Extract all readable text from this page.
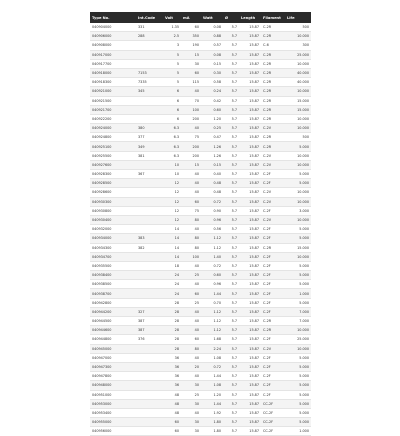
Type No.	Int.Code	Volt	mA	Watt	Ø	Length	Filament	Life
040904000	331	1.35	60	0.08	5.7	15.87	C-2R	500
040906000	288	2.5	350	0.88	5.7	15.87	C-2R	10.000
040908000		3	190	0.57	5.7	15.87	C-6	300
040917000		5	15	0.08	5.7	15.87	C-2R	25.000
040917700		5	30	0.15	5.7	15.87	C-2R	10.000
040918000	7153	5	60	0.30	5.7	15.87	C-2R	40.000
040918300	7335	5	115	0.58	5.7	15.87	C-2R	40.000
040921000	345	6	40	0.24	5.7	15.87	C-2R	10.000
040921500		6	70	0.42	5.7	15.87	C-2R	15.000
040921700		6	100	0.60	5.7	15.87	C-2R	15.000
040922200		6	200	1.20	5.7	15.87	C-2R	10.000
040924000	380	6.3	40	0.25	5.7	15.87	C-2V	10.000
040924800	377	6.3	75	0.47	5.7	15.87	C-2R	500
040925100	349	6.3	200	1.26	5.7	15.87	C-2R	5.000
040925500	381	6.3	200	1.26	5.7	15.87	C-2V	10.000
040927600		10	15	0.15	5.7	15.87	C-2V	10.000
040928300	367	10	40	0.40	5.7	15.87	C-2F	5.000
040928500		12	40	0.48	5.7	15.87	C-2F	5.000
040928600		12	40	0.48	5.7	15.87	C-2V	10.000
040930300		12	60	0.72	5.7	15.87	C-2V	10.000
040930800		12	75	0.90	5.7	15.87	C-2F	3.000
040930400		12	80	0.96	5.7	15.87	C-2V	10.000
040932000		14	40	0.56	5.7	15.87	C-2F	5.000
040934000	383	14	80	1.12	5.7	15.87	C-2F	5.000
040934300	382	14	80	1.12	5.7	15.87	C-2R	15.000
040934700		14	100	1.40	5.7	15.87	C-2F	10.000
040935500		18	40	0.72	5.7	15.87	C-2F	5.000
040938400		24	25	0.60	5.7	15.87	C-2F	5.000
040938500		24	40	0.96	5.7	15.87	C-2F	5.000
040938700		24	60	1.44	5.7	15.87	C-2F	1.000
040942800		28	25	0.70	5.7	15.87	C-2F	5.000
040944200	327	28	40	1.12	5.7	15.87	C-2F	7.000
040944500	387	28	40	1.12	5.7	15.87	C-2R	7.000
040944600	387	28	40	1.12	5.7	15.87	C-2R	10.000
040944800	376	28	60	1.68	5.7	15.87	C-2F	25.000
040945000		28	80	2.24	5.7	15.87	C-2V	10.000
040947000		36	40	1.08	5.7	15.87	C-2F	5.000
040947300		36	20	0.72	5.7	15.87	C-2F	5.000
040947800		36	40	1.44	5.7	15.87	C-2F	5.000
040948000		36	30	1.08	5.7	15.87	C-2F	5.000
040951000		48	25	1.20	5.7	15.87	C-2F	5.000
040953000		48	30	1.44	5.7	15.87	CC-2F	5.000
040953400		48	40	1.92	5.7	15.87	CC-2F	5.000
040955000		60	30	1.80	5.7	15.87	CC-2F	5.000
040956000		60	30	1.80	5.7	15.87	CC-2F	1.000
